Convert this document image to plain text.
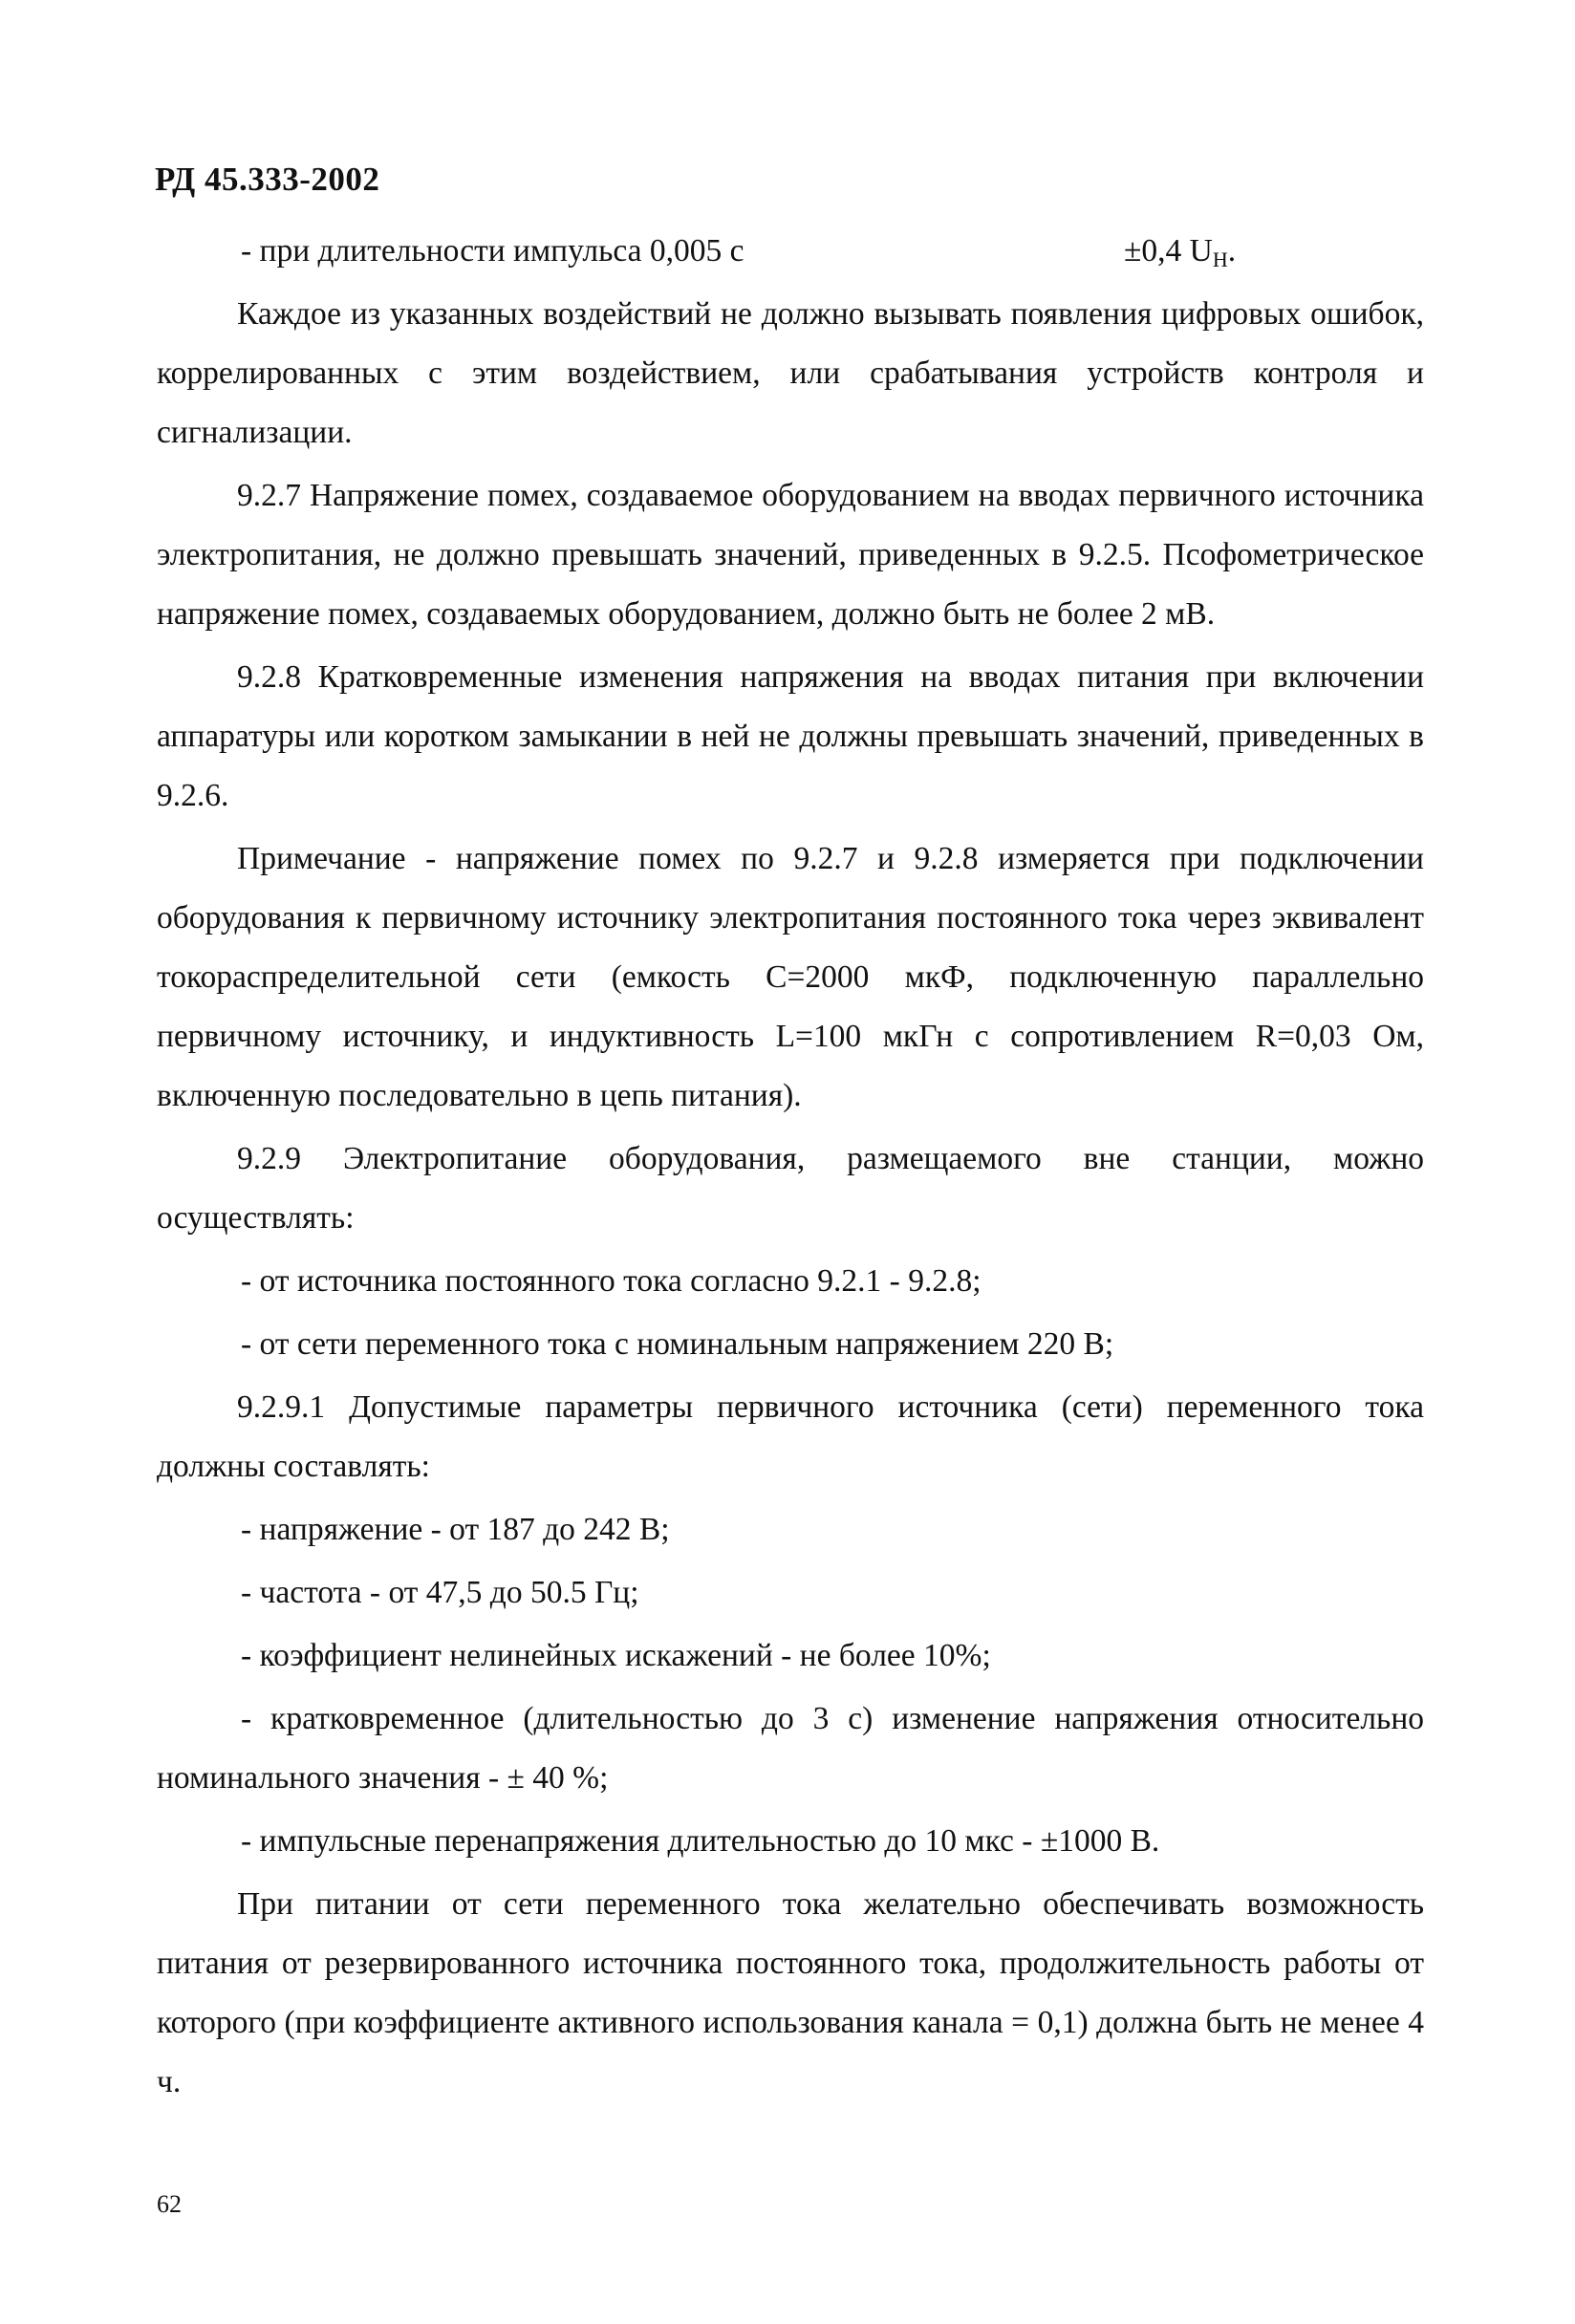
РД 45.333-2002
- при длительности импульса 0,005 с	±0,4 $U_H$.

Каждое из указанных воздействий не должно вызывать появления цифровых ошибок, коррелированных с этим воздействием, или срабатывания устройств контроля и сигнализации.

9.2.7 Напряжение помех, создаваемое оборудованием на вводах первичного источника электропитания, не должно превышать значений, приведенных в 9.2.5. Псофометрическое напряжение помех, создаваемых оборудованием, должно быть не более 2 мВ.

9.2.8 Кратковременные изменения напряжения на вводах питания при включении аппаратуры или коротком замыкании в ней не должны превышать значений, приведенных в 9.2.6.

Примечание - напряжение помех по 9.2.7 и 9.2.8 измеряется при подключении оборудования к первичному источнику электропитания постоянного тока через эквивалент токораспределительной сети (емкость С=2000 мкФ, подключенную параллельно первичному источнику, и индуктивность L=100 мкГн с сопротивлением R=0,03 Ом, включенную последовательно в цепь питания).

9.2.9 Электропитание оборудования, размещаемого вне станции, можно осуществлять:

- от источника постоянного тока согласно 9.2.1 - 9.2.8;

- от сети переменного тока с номинальным напряжением 220 В;

9.2.9.1 Допустимые параметры первичного источника (сети) переменного тока должны составлять:

- напряжение - от 187 до 242 В;

- частота - от 47,5 до 50.5 Гц;

- коэффициент нелинейных искажений - не более 10%;

- кратковременное (длительностью до 3 с) изменение напряжения относительно номинального значения - ± 40 %;

- импульсные перенапряжения длительностью до 10 мкс - ±1000 В.

При питании от сети переменного тока желательно обеспечивать возможность питания от резервированного источника постоянного тока, продолжительность работы от которого (при коэффициенте активного использования канала = 0,1) должна быть не менее 4 ч.

62
